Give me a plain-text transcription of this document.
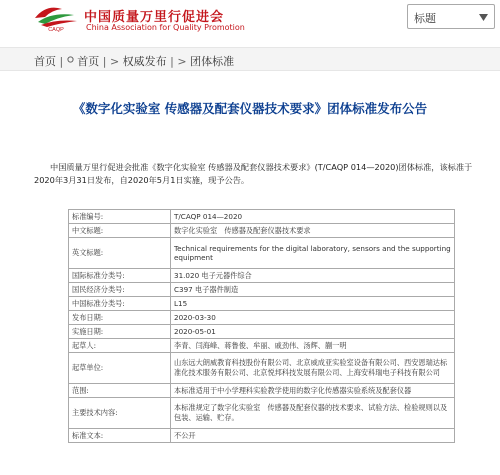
CAQP
中国质量万里行促进会
China Association for Quality Promotion
标题
首页 | 首页 | > 权威发布 | > 团体标准
《数字化实验室 传感器及配套仪器技术要求》团体标准发布公告

中国质量万里行促进会批准《数字化实验室 传感器及配套仪器技术要求》(T/CAQP 014—2020)团体标准，该标准于2020年3月31日发布，自2020年5月1日实施，现予公告。

标准编号:	T/CAQP 014—2020
中文标题:	数字化实验室　传感器及配套仪器技术要求
英文标题:	Technical requirements for the digital laboratory, sensors and the supporting equipment
国际标准分类号:	31.020 电子元器件综合
国民经济分类号:	C397 电子器件制造
中国标准分类号:	L15
发布日期:	2020-03-30
实施日期:	2020-05-01
起草人:	李青、闫海峰、蒋鲁俊、牟丽、戚劲伟、汤辉、蒯一明
起草单位:	山东远大朗威教育科技股份有限公司、北京威成亚实验室设备有限公司、西安恩瑞达标准化技术服务有限公司、北京悦邦科技发展有限公司、上海安科瑞电子科技有限公司
范围:	本标准适用于中小学理科实验教学使用的数字化传感器实验系统及配套仪器
主要技术内容:	本标准规定了数字化实验室　传感器及配套仪器的技术要求、试验方法、检验规则以及包装、运输、贮存。
标准文本:	不公开
